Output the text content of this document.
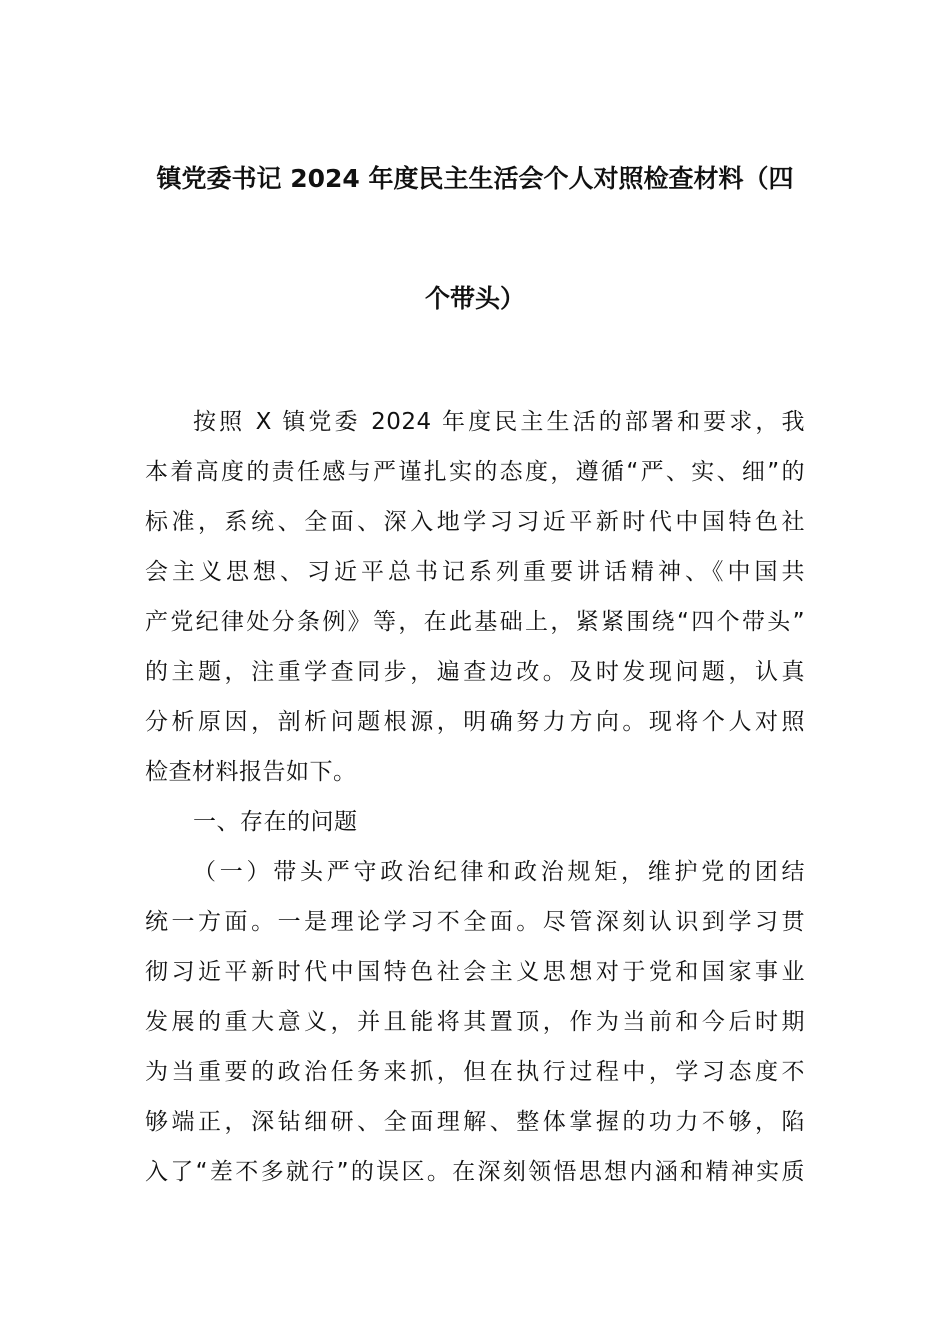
镇党委书记 2024 年度民主生活会个人对照检查材料（四
个带头）
按照 X 镇党委 2024 年度民主生活的部署和要求，我
本着高度的责任感与严谨扎实的态度，遵循“严、实、细”的
标准，系统、全面、深入地学习习近平新时代中国特色社
会主义思想、习近平总书记系列重要讲话精神、《中国共
产党纪律处分条例》等，在此基础上，紧紧围绕“四个带头”
的主题，注重学查同步，遍查边改。及时发现问题，认真
分析原因，剖析问题根源，明确努力方向。现将个人对照
检查材料报告如下。
一、存在的问题
（一）带头严守政治纪律和政治规矩，维护党的团结
统一方面。一是理论学习不全面。尽管深刻认识到学习贯
彻习近平新时代中国特色社会主义思想对于党和国家事业
发展的重大意义，并且能将其置顶，作为当前和今后时期
为当重要的政治任务来抓，但在执行过程中，学习态度不
够端正，深钻细研、全面理解、整体掌握的功力不够，陷
入了“差不多就行”的误区。在深刻领悟思想内涵和精神实质
